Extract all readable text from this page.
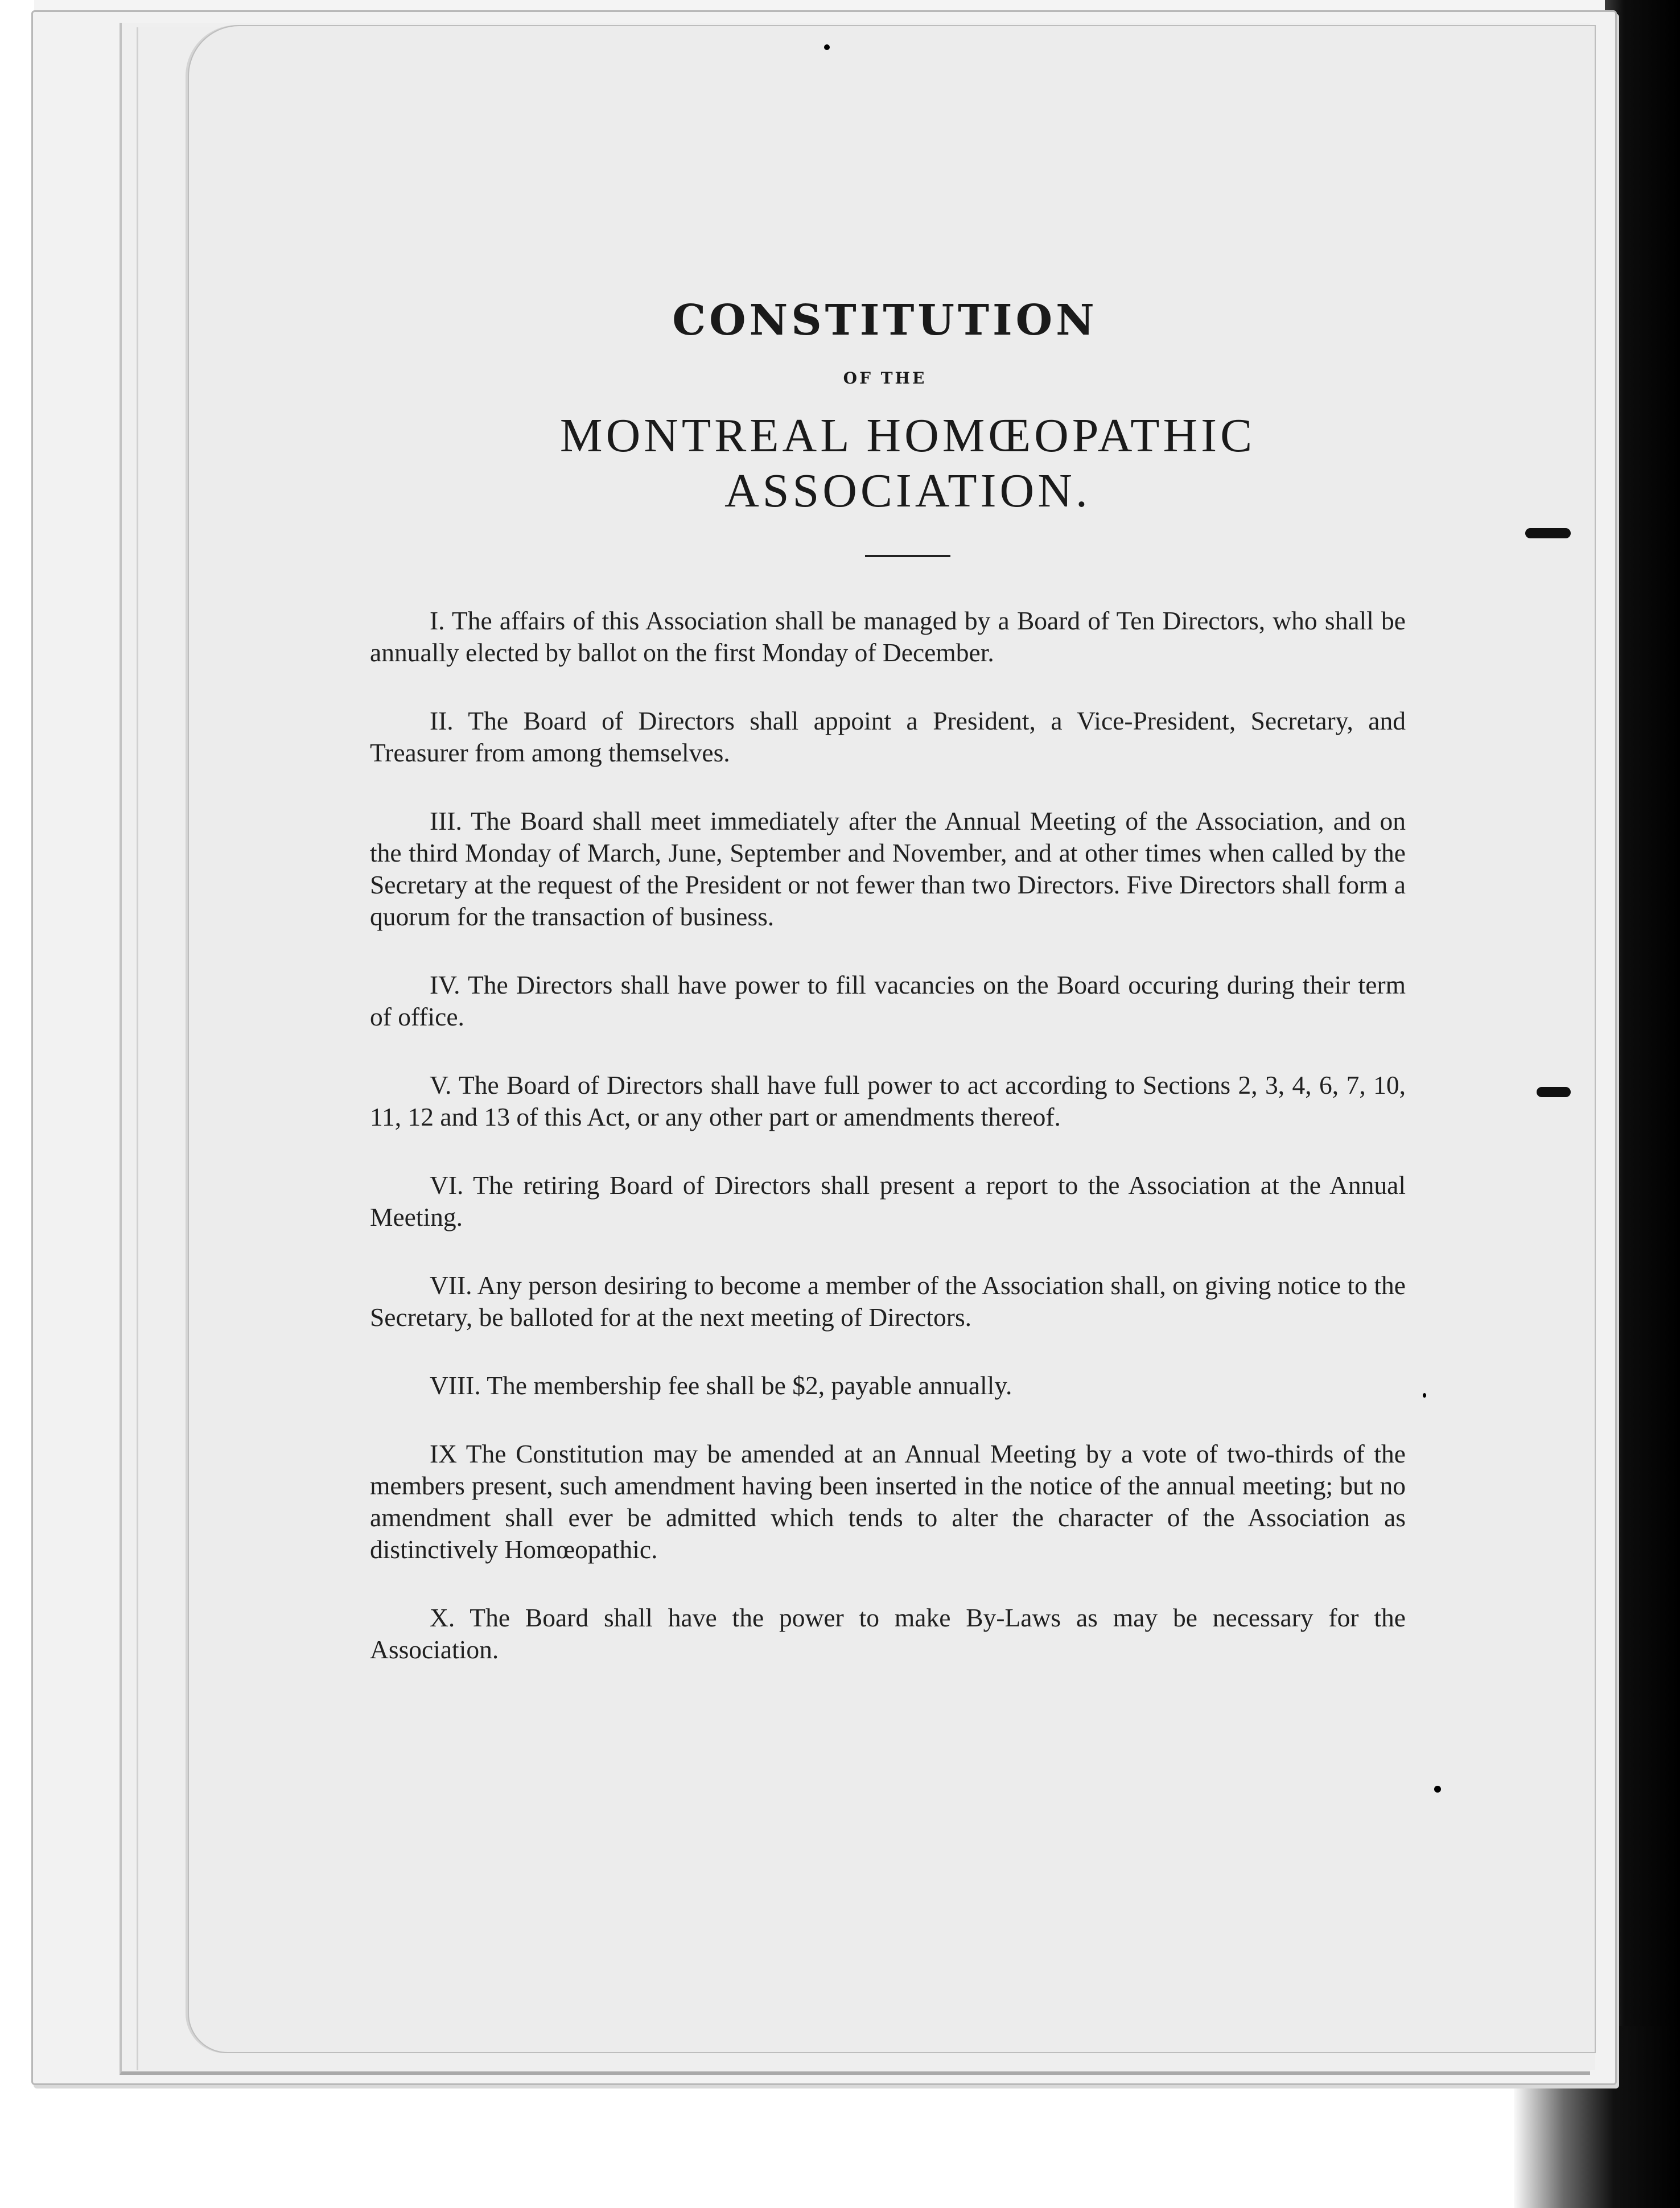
CONSTITUTION
OF THE
MONTREAL HOMŒOPATHIC ASSOCIATION.

I. The affairs of this Association shall be managed by a Board of Ten Directors, who shall be annually elected by ballot on the first Monday of December.

II. The Board of Directors shall appoint a President, a Vice-President, Secretary, and Treasurer from among themselves.

III. The Board shall meet immediately after the Annual Meeting of the Association, and on the third Monday of March, June, September and November, and at other times when called by the Secretary at the request of the President or not fewer than two Directors. Five Directors shall form a quorum for the transaction of business.

IV. The Directors shall have power to fill vacancies on the Board occuring during their term of office.

V. The Board of Directors shall have full power to act according to Sections 2, 3, 4, 6, 7, 10, 11, 12 and 13 of this Act, or any other part or amendments thereof.

VI. The retiring Board of Directors shall present a report to the Association at the Annual Meeting.

VII. Any person desiring to become a member of the Association shall, on giving notice to the Secretary, be balloted for at the next meeting of Directors.

VIII. The membership fee shall be $2, payable annually.

IX The Constitution may be amended at an Annual Meeting by a vote of two-thirds of the members present, such amendment having been inserted in the notice of the annual meeting; but no amendment shall ever be admitted which tends to alter the character of the Association as distinctively Homœopathic.

X. The Board shall have the power to make By-Laws as may be necessary for the Association.
